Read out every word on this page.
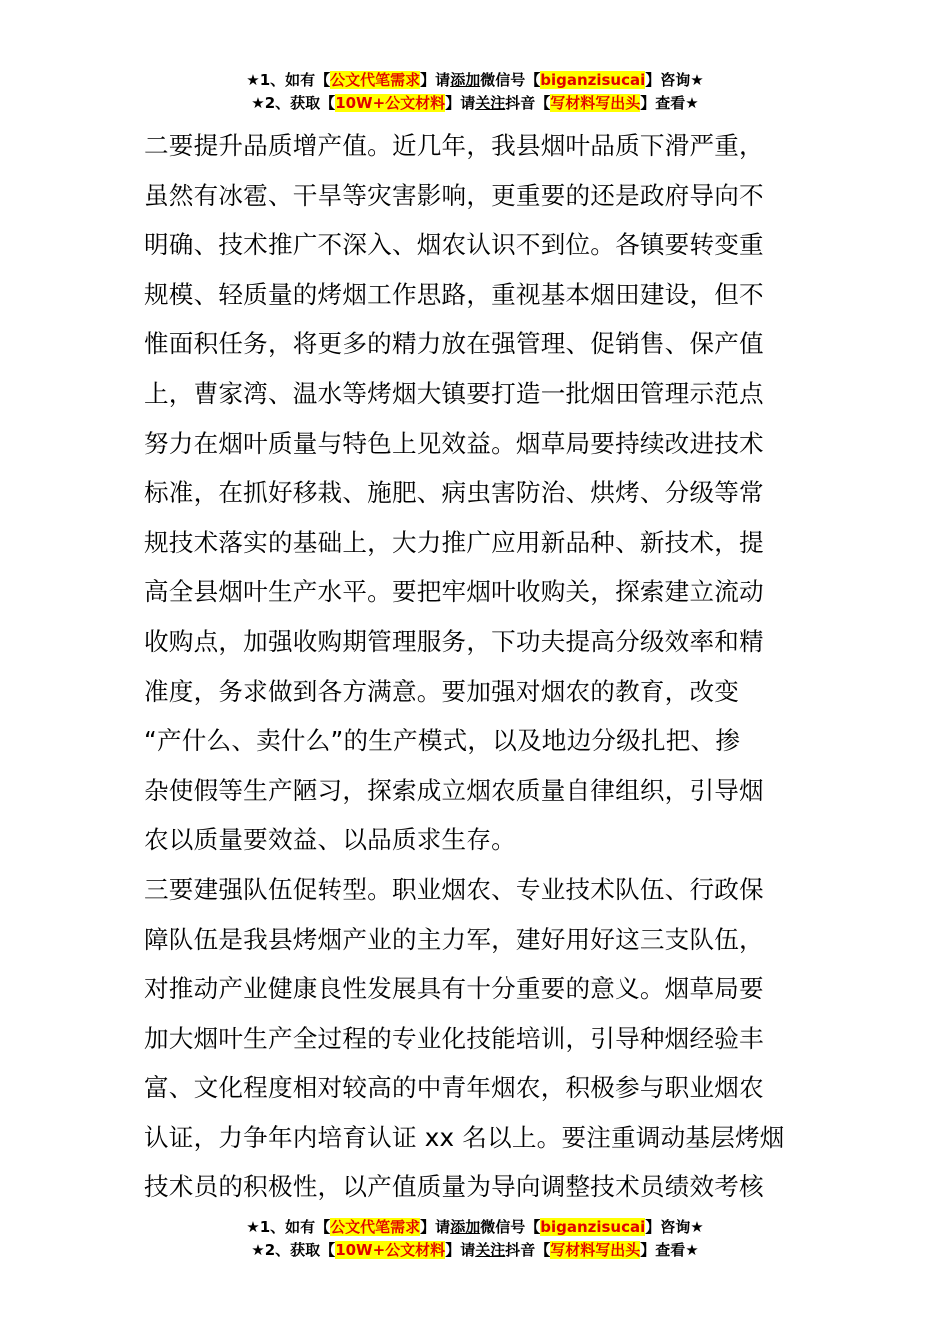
★1、如有【公文代笔需求】请添加微信号【biganzisucai】咨询★
★2、获取【10W+公文材料】请关注抖音【写材料写出头】查看★
二要提升品质增产值。近几年，我县烟叶品质下滑严重，
虽然有冰雹、干旱等灾害影响，更重要的还是政府导向不
明确、技术推广不深入、烟农认识不到位。各镇要转变重
规模、轻质量的烤烟工作思路，重视基本烟田建设，但不
惟面积任务，将更多的精力放在强管理、促销售、保产值
上，曹家湾、温水等烤烟大镇要打造一批烟田管理示范点
努力在烟叶质量与特色上见效益。烟草局要持续改进技术
标准，在抓好移栽、施肥、病虫害防治、烘烤、分级等常
规技术落实的基础上，大力推广应用新品种、新技术，提
高全县烟叶生产水平。要把牢烟叶收购关，探索建立流动
收购点，加强收购期管理服务，下功夫提高分级效率和精
准度，务求做到各方满意。要加强对烟农的教育，改变
“产什么、卖什么”的生产模式，以及地边分级扎把、掺
杂使假等生产陋习，探索成立烟农质量自律组织，引导烟
农以质量要效益、以品质求生存。
三要建强队伍促转型。职业烟农、专业技术队伍、行政保
障队伍是我县烤烟产业的主力军，建好用好这三支队伍，
对推动产业健康良性发展具有十分重要的意义。烟草局要
加大烟叶生产全过程的专业化技能培训，引导种烟经验丰
富、文化程度相对较高的中青年烟农，积极参与职业烟农
认证，力争年内培育认证 xx 名以上。要注重调动基层烤烟
技术员的积极性，以产值质量为导向调整技术员绩效考核
★1、如有【公文代笔需求】请添加微信号【biganzisucai】咨询★
★2、获取【10W+公文材料】请关注抖音【写材料写出头】查看★
